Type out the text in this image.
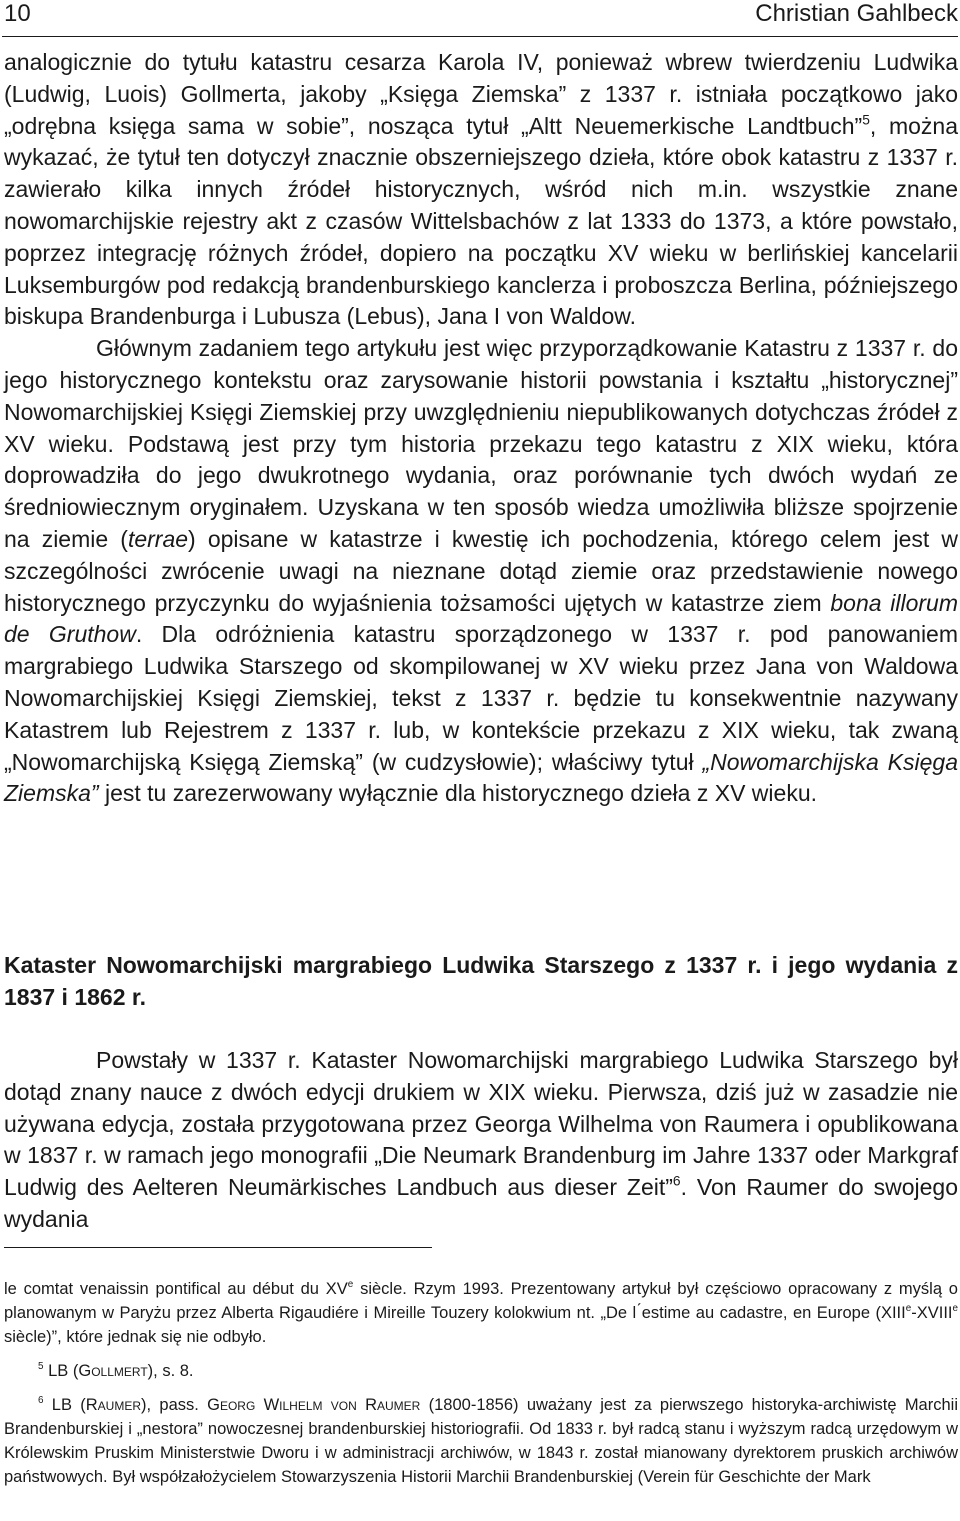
10	Christian Gahlbeck

analogicznie do tytułu katastru cesarza Karola IV, ponieważ wbrew twierdzeniu Ludwika (Ludwig, Luois) Gollmerta, jakoby „Księga Ziemska” z 1337 r. istniała początkowo jako „odrębna księga sama w sobie”, nosząca tytuł „Altt Neuemerkische Landtbuch”$^5$, można wykazać, że tytuł ten dotyczył znacznie obszerniejszego dzieła, które obok katastru z 1337 r. zawierało kilka innych źródeł historycznych, wśród nich m.in. wszystkie znane nowomarchijskie rejestry akt z czasów Wittelsbachów z lat 1333 do 1373, a które powstało, poprzez integrację różnych źródeł, dopiero na początku XV wieku w berlińskiej kancelarii Luksemburgów pod redakcją brandenburskiego kanclerza i proboszcza Berlina, późniejszego biskupa Brandenburga i Lubusza (Lebus), Jana I von Waldow.

Głównym zadaniem tego artykułu jest więc przyporządkowanie Katastru z 1337 r. do jego historycznego kontekstu oraz zarysowanie historii powstania i kształtu „historycznej” Nowomarchijskiej Księgi Ziemskiej przy uwzględnieniu niepublikowanych dotychczas źródeł z XV wieku. Podstawą jest przy tym historia przekazu tego katastru z XIX wieku, która doprowadziła do jego dwukrotnego wydania, oraz porównanie tych dwóch wydań ze średniowiecznym oryginałem. Uzyskana w ten sposób wiedza umożliwiła bliższe spojrzenie na ziemie (terrae) opisane w katastrze i kwestię ich pochodzenia, którego celem jest w szczególności zwrócenie uwagi na nieznane dotąd ziemie oraz przedstawienie nowego historycznego przyczynku do wyjaśnienia tożsamości ujętych w katastrze ziem bona illorum de Gruthow. Dla odróżnienia katastru sporządzonego w 1337 r. pod panowaniem margrabiego Ludwika Starszego od skompilowanej w XV wieku przez Jana von Waldowa Nowomarchijskiej Księgi Ziemskiej, tekst z 1337 r. będzie tu konsekwentnie nazywany Katastrem lub Rejestrem z 1337 r. lub, w kontekście przekazu z XIX wieku, tak zwaną „Nowomarchijską Księgą Ziemską” (w cudzysłowie); właściwy tytuł „Nowomarchijska Księga Ziemska” jest tu zarezerwowany wyłącznie dla historycznego dzieła z XV wieku.

Kataster Nowomarchijski margrabiego Ludwika Starszego z 1337 r. i jego wydania z 1837 i 1862 r.

Powstały w 1337 r. Kataster Nowomarchijski margrabiego Ludwika Starszego był dotąd znany nauce z dwóch edycji drukiem w XIX wieku. Pierwsza, dziś już w zasadzie nie używana edycja, została przygotowana przez Georga Wilhelma von Raumera i opublikowana w 1837 r. w ramach jego monografii „Die Neumark Brandenburg im Jahre 1337 oder Markgraf Ludwig des Aelteren Neumärkisches Landbuch aus dieser Zeit”$^6$. Von Raumer do swojego wydania

le comtat venaissin pontifical au début du XVe siècle. Rzym 1993. Prezentowany artykuł był częściowo opracowany z myślą o planowanym w Paryżu przez Alberta Rigaudiére i Mireille Touzery kolokwium nt. „De l ́estime au cadastre, en Europe (XIIIe-XVIIIe siècle)”, które jednak się nie odbyło.

$^5$ LB (Gollmert), s. 8.

$^6$ LB (Raumer), pass. Georg Wilhelm von Raumer (1800-1856) uważany jest za pierwszego historyka-archiwistę Marchii Brandenburskiej i „nestora” nowoczesnej brandenburskiej historiografii. Od 1833 r. był radcą stanu i wyższym radcą urzędowym w Królewskim Pruskim Ministerstwie Dworu i w administracji archiwów, w 1843 r. został mianowany dyrektorem pruskich archiwów państwowych. Był współzałożycielem Stowarzyszenia Historii Marchii Brandenburskiej (Verein für Geschichte der Mark
